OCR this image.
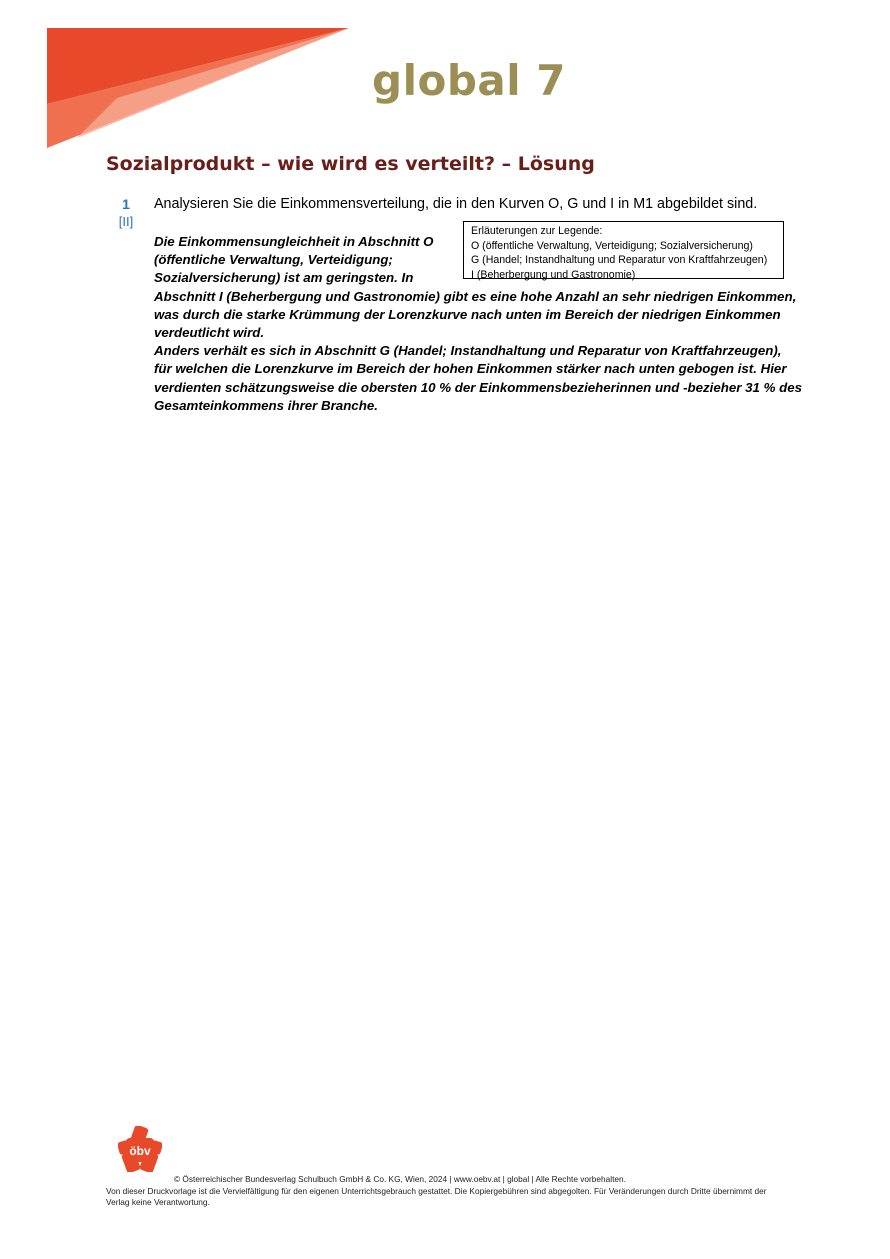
global 7
Sozialprodukt – wie wird es verteilt? – Lösung
1
[II]
Analysieren Sie die Einkommensverteilung, die in den Kurven O, G und I in M1 abgebildet sind.
Erläuterungen zur Legende:
O (öffentliche Verwaltung, Verteidigung; Sozialversicherung)
G (Handel; Instandhaltung und Reparatur von Kraftfahrzeugen)
I (Beherbergung und Gastronomie)
Die Einkommensungleichheit in Abschnitt O
(öffentliche Verwaltung, Verteidigung;
Sozialversicherung) ist am geringsten. In
Abschnitt I (Beherbergung und Gastronomie) gibt es eine hohe Anzahl an sehr niedrigen Einkommen,
was durch die starke Krümmung der Lorenzkurve nach unten im Bereich der niedrigen Einkommen
verdeutlicht wird.
Anders verhält es sich in Abschnitt G (Handel; Instandhaltung und Reparatur von Kraftfahrzeugen),
für welchen die Lorenzkurve im Bereich der hohen Einkommen stärker nach unten gebogen ist. Hier
verdienten schätzungsweise die obersten 10 % der Einkommensbezieherinnen und -bezieher 31 % des
Gesamteinkommens ihrer Branche.
öbv
© Österreichischer Bundesverlag Schulbuch GmbH & Co. KG, Wien, 2024 | www.oebv.at | global | Alle Rechte vorbehalten.
Von dieser Druckvorlage ist die Vervielfältigung für den eigenen Unterrichtsgebrauch gestattet. Die Kopiergebühren sind abgegolten. Für Veränderungen durch Dritte übernimmt der Verlag keine Verantwortung.
